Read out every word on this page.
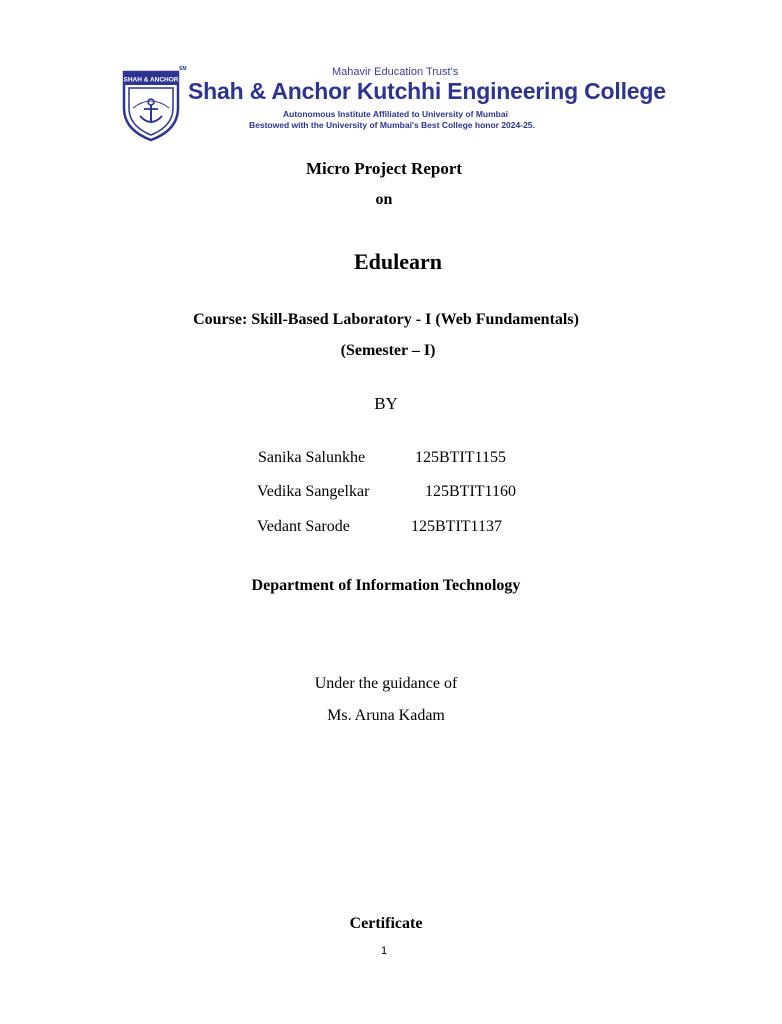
SHAH & ANCHOR
SM	Mahavir Education Trust's
Shah & Anchor Kutchhi Engineering College
Autonomous Institute Affiliated to University of Mumbai
Bestowed with the University of Mumbai's Best College honor 2024-25.
Micro Project Report
on
Edulearn
Course: Skill-Based Laboratory - I (Web Fundamentals)
(Semester – I)
BY
Sanika Salunkhe	125BTIT1155
Vedika Sangelkar	125BTIT1160
Vedant Sarode	125BTIT1137
Department of Information Technology
Under the guidance of
Ms. Aruna Kadam
Certificate
1
